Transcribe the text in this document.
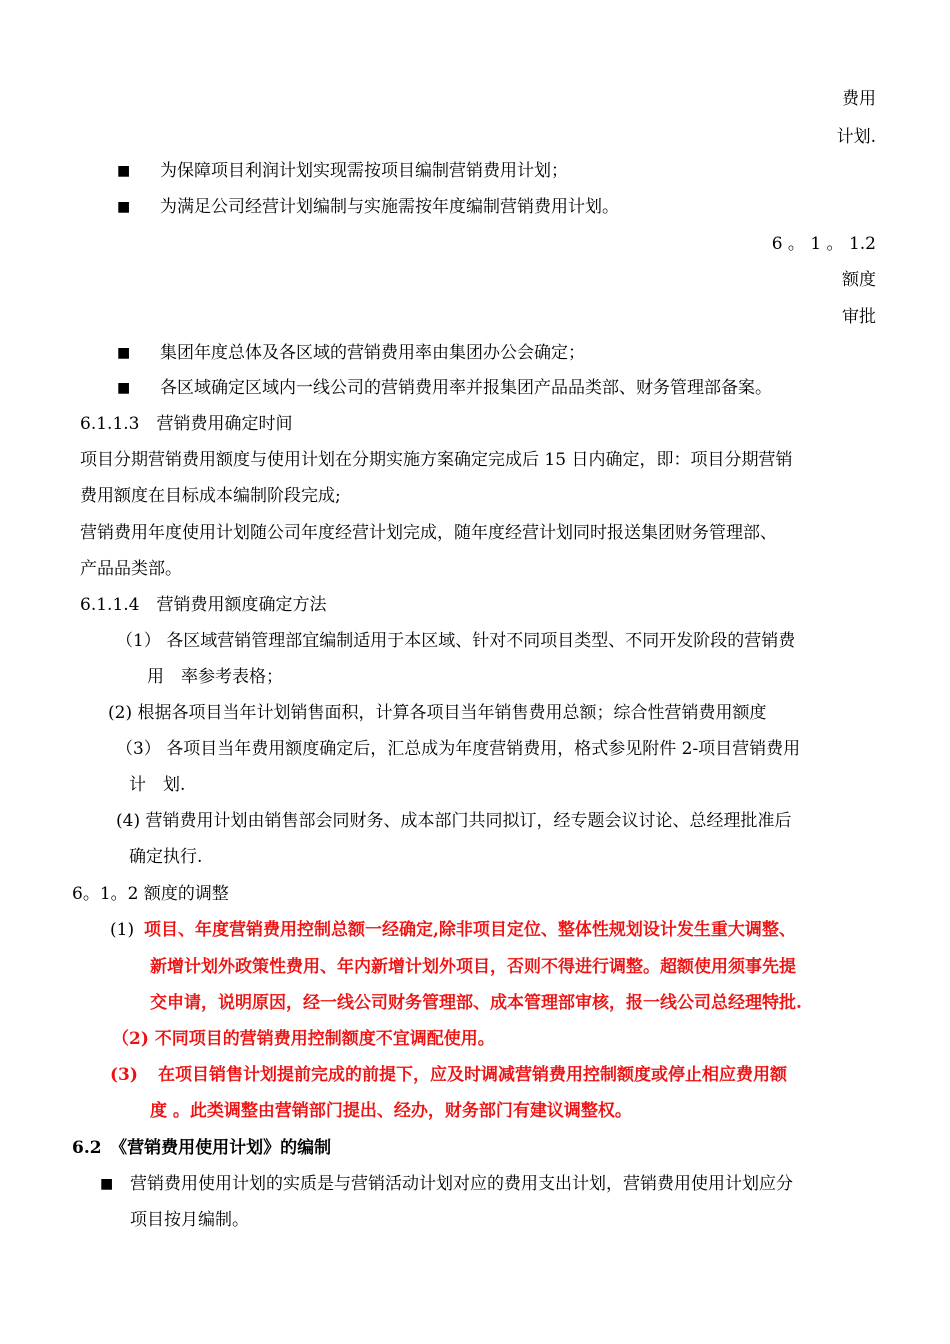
费用
计划.
■ 为保障项目利润计划实现需按项目编制营销费用计划；
■ 为满足公司经营计划编制与实施需按年度编制营销费用计划。
6 。 1 。 1.2
额度
审批
■ 集团年度总体及各区域的营销费用率由集团办公会确定；
■ 各区域确定区域内一线公司的营销费用率并报集团产品品类部、财务管理部备案。
6.1.1.3　营销费用确定时间
项目分期营销费用额度与使用计划在分期实施方案确定完成后 15 日内确定，即：项目分期营销
费用额度在目标成本编制阶段完成;
营销费用年度使用计划随公司年度经营计划完成，随年度经营计划同时报送集团财务管理部、
产品品类部。
6.1.1.4　营销费用额度确定方法
（1） 各区域营销管理部宜编制适用于本区域、针对不同项目类型、不同开发阶段的营销费
用　率参考表格；
(2) 根据各项目当年计划销售面积，计算各项目当年销售费用总额；综合性营销费用额度
（3） 各项目当年费用额度确定后，汇总成为年度营销费用，格式参见附件 2-项目营销费用
计　划.
(4) 营销费用计划由销售部会同财务、成本部门共同拟订，经专题会议讨论、总经理批准后
确定执行.
6。1。2 额度的调整
(1) 项目、年度营销费用控制总额一经确定,除非项目定位、整体性规划设计发生重大调整、
新增计划外政策性费用、年内新增计划外项目，否则不得进行调整。超额使用须事先提
交申请，说明原因，经一线公司财务管理部、成本管理部审核，报一线公司总经理特批.
（2) 不同项目的营销费用控制额度不宜调配使用。
(3) 在项目销售计划提前完成的前提下，应及时调减营销费用控制额度或停止相应费用额
度 。此类调整由营销部门提出、经办，财务部门有建议调整权。
6.2　《营销费用使用计划》的编制
■ 营销费用使用计划的实质是与营销活动计划对应的费用支出计划，营销费用使用计划应分
项目按月编制。
